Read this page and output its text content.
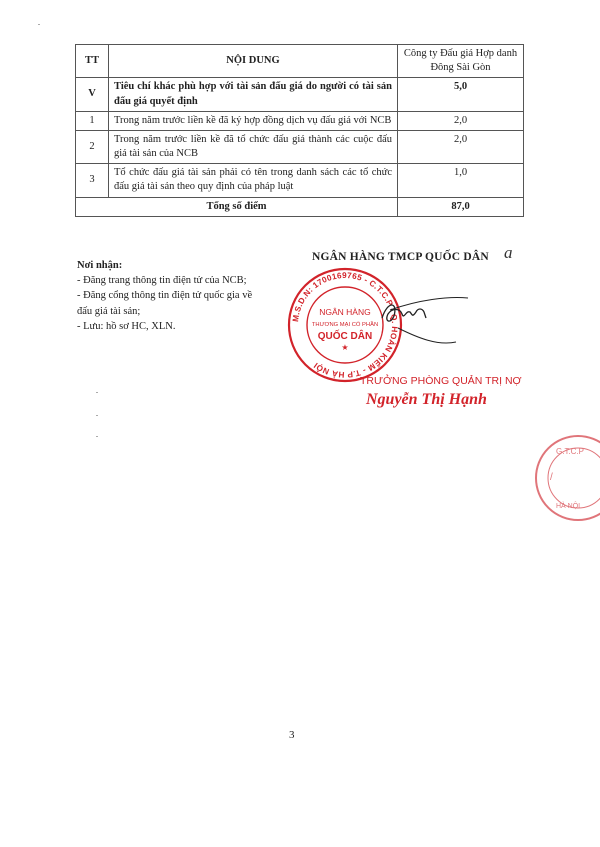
TT	NỘI DUNG	Công ty Đấu giá Hợp danh Đông Sài Gòn
V	Tiêu chí khác phù hợp với tài sản đấu giá do người có tài sản đấu giá quyết định	5,0
1	Trong năm trước liền kề đã ký hợp đồng dịch vụ đấu giá với NCB	2,0
2	Trong năm trước liền kề đã tổ chức đấu giá thành các cuộc đấu giá tài sản của NCB	2,0
3	Tổ chức đấu giá tài sản phải có tên trong danh sách các tổ chức đấu giá tài sản theo quy định của pháp luật	1,0
Tổng số điểm		87,0
Nơi nhận:
- Đăng trang thông tin điện tử của NCB;
- Đăng cổng thông tin điện tử quốc gia về đấu giá tài sản;
- Lưu: hồ sơ HC, XLN.
NGÂN HÀNG TMCP QUỐC DÂN a
M.S.D.N: 1700169765 - C.T.C.P - Q. HOÀN KIẾM - T.P HÀ NỘI
NGÂN HÀNG
THƯƠNG MẠI CỔ PHẦN
QUỐC DÂN
★
TRƯỞNG PHÒNG QUẢN TRỊ NỢ
Nguyễn Thị Hạnh
G.T.C.P
/
HÀ NỘI
3
